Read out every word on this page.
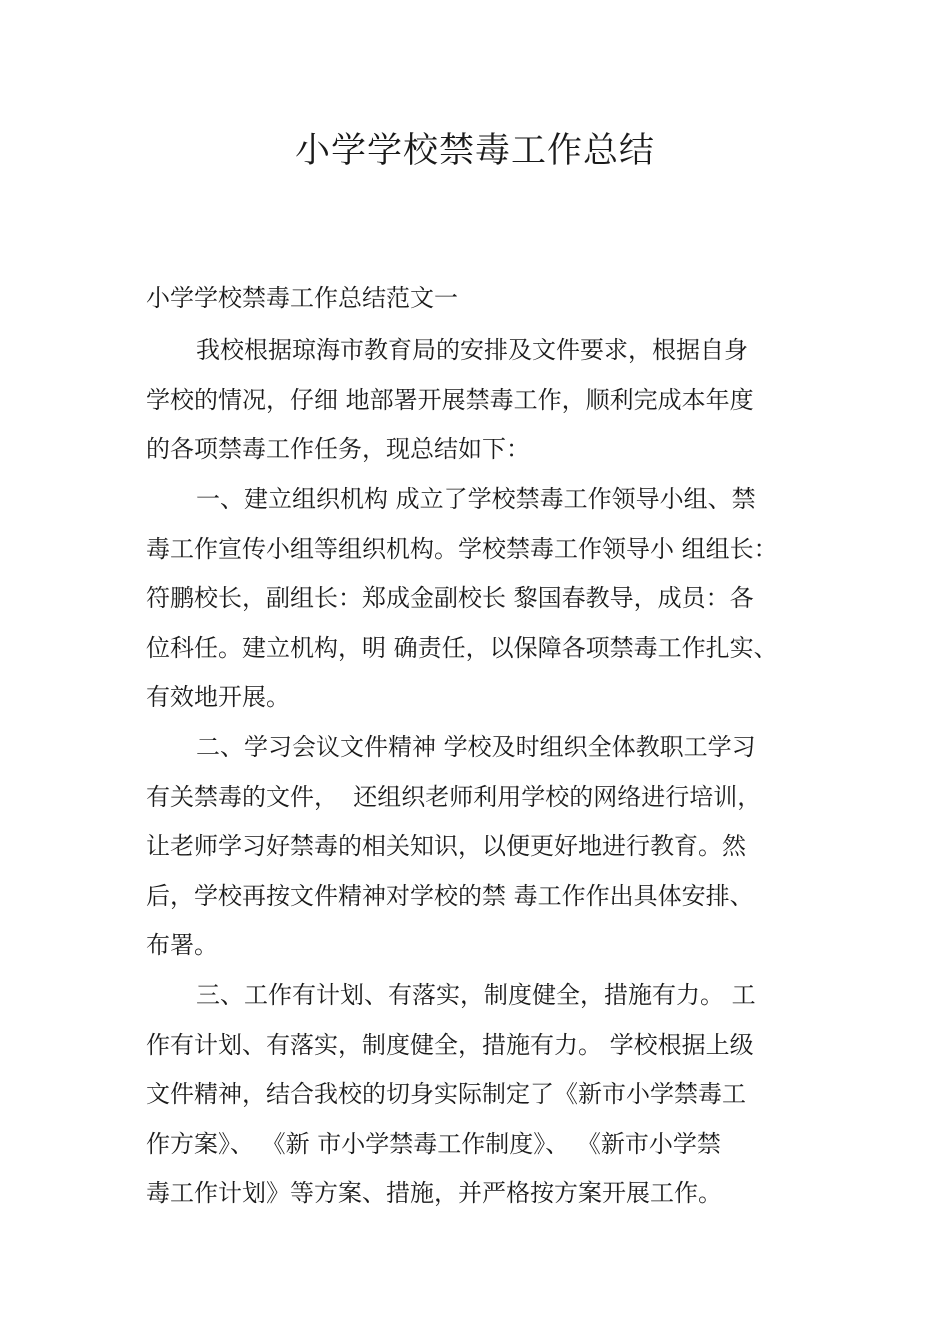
小学学校禁毒工作总结

小学学校禁毒工作总结范文一

我校根据琼海市教育局的安排及文件要求，根据自身

学校的情况，仔细 地部署开展禁毒工作，顺利完成本年度

的各项禁毒工作任务，现总结如下：

一、建立组织机构 成立了学校禁毒工作领导小组、禁

毒工作宣传小组等组织机构。学校禁毒工作领导小 组组长：

符鹏校长，副组长：郑成金副校长 黎国春教导，成员：各

位科任。建立机构，明 确责任，以保障各项禁毒工作扎实、

有效地开展。

二、学习会议文件精神 学校及时组织全体教职工学习

有关禁毒的文件，  还组织老师利用学校的网络进行培训，

让老师学习好禁毒的相关知识，以便更好地进行教育。然

后，学校再按文件精神对学校的禁 毒工作作出具体安排、

布署。

三、工作有计划、有落实，制度健全，措施有力。 工

作有计划、有落实，制度健全，措施有力。 学校根据上级

文件精神，结合我校的切身实际制定了《新市小学禁毒工

作方案》、 《新 市小学禁毒工作制度》、 《新市小学禁

毒工作计划》等方案、措施，并严格按方案开展工作。
